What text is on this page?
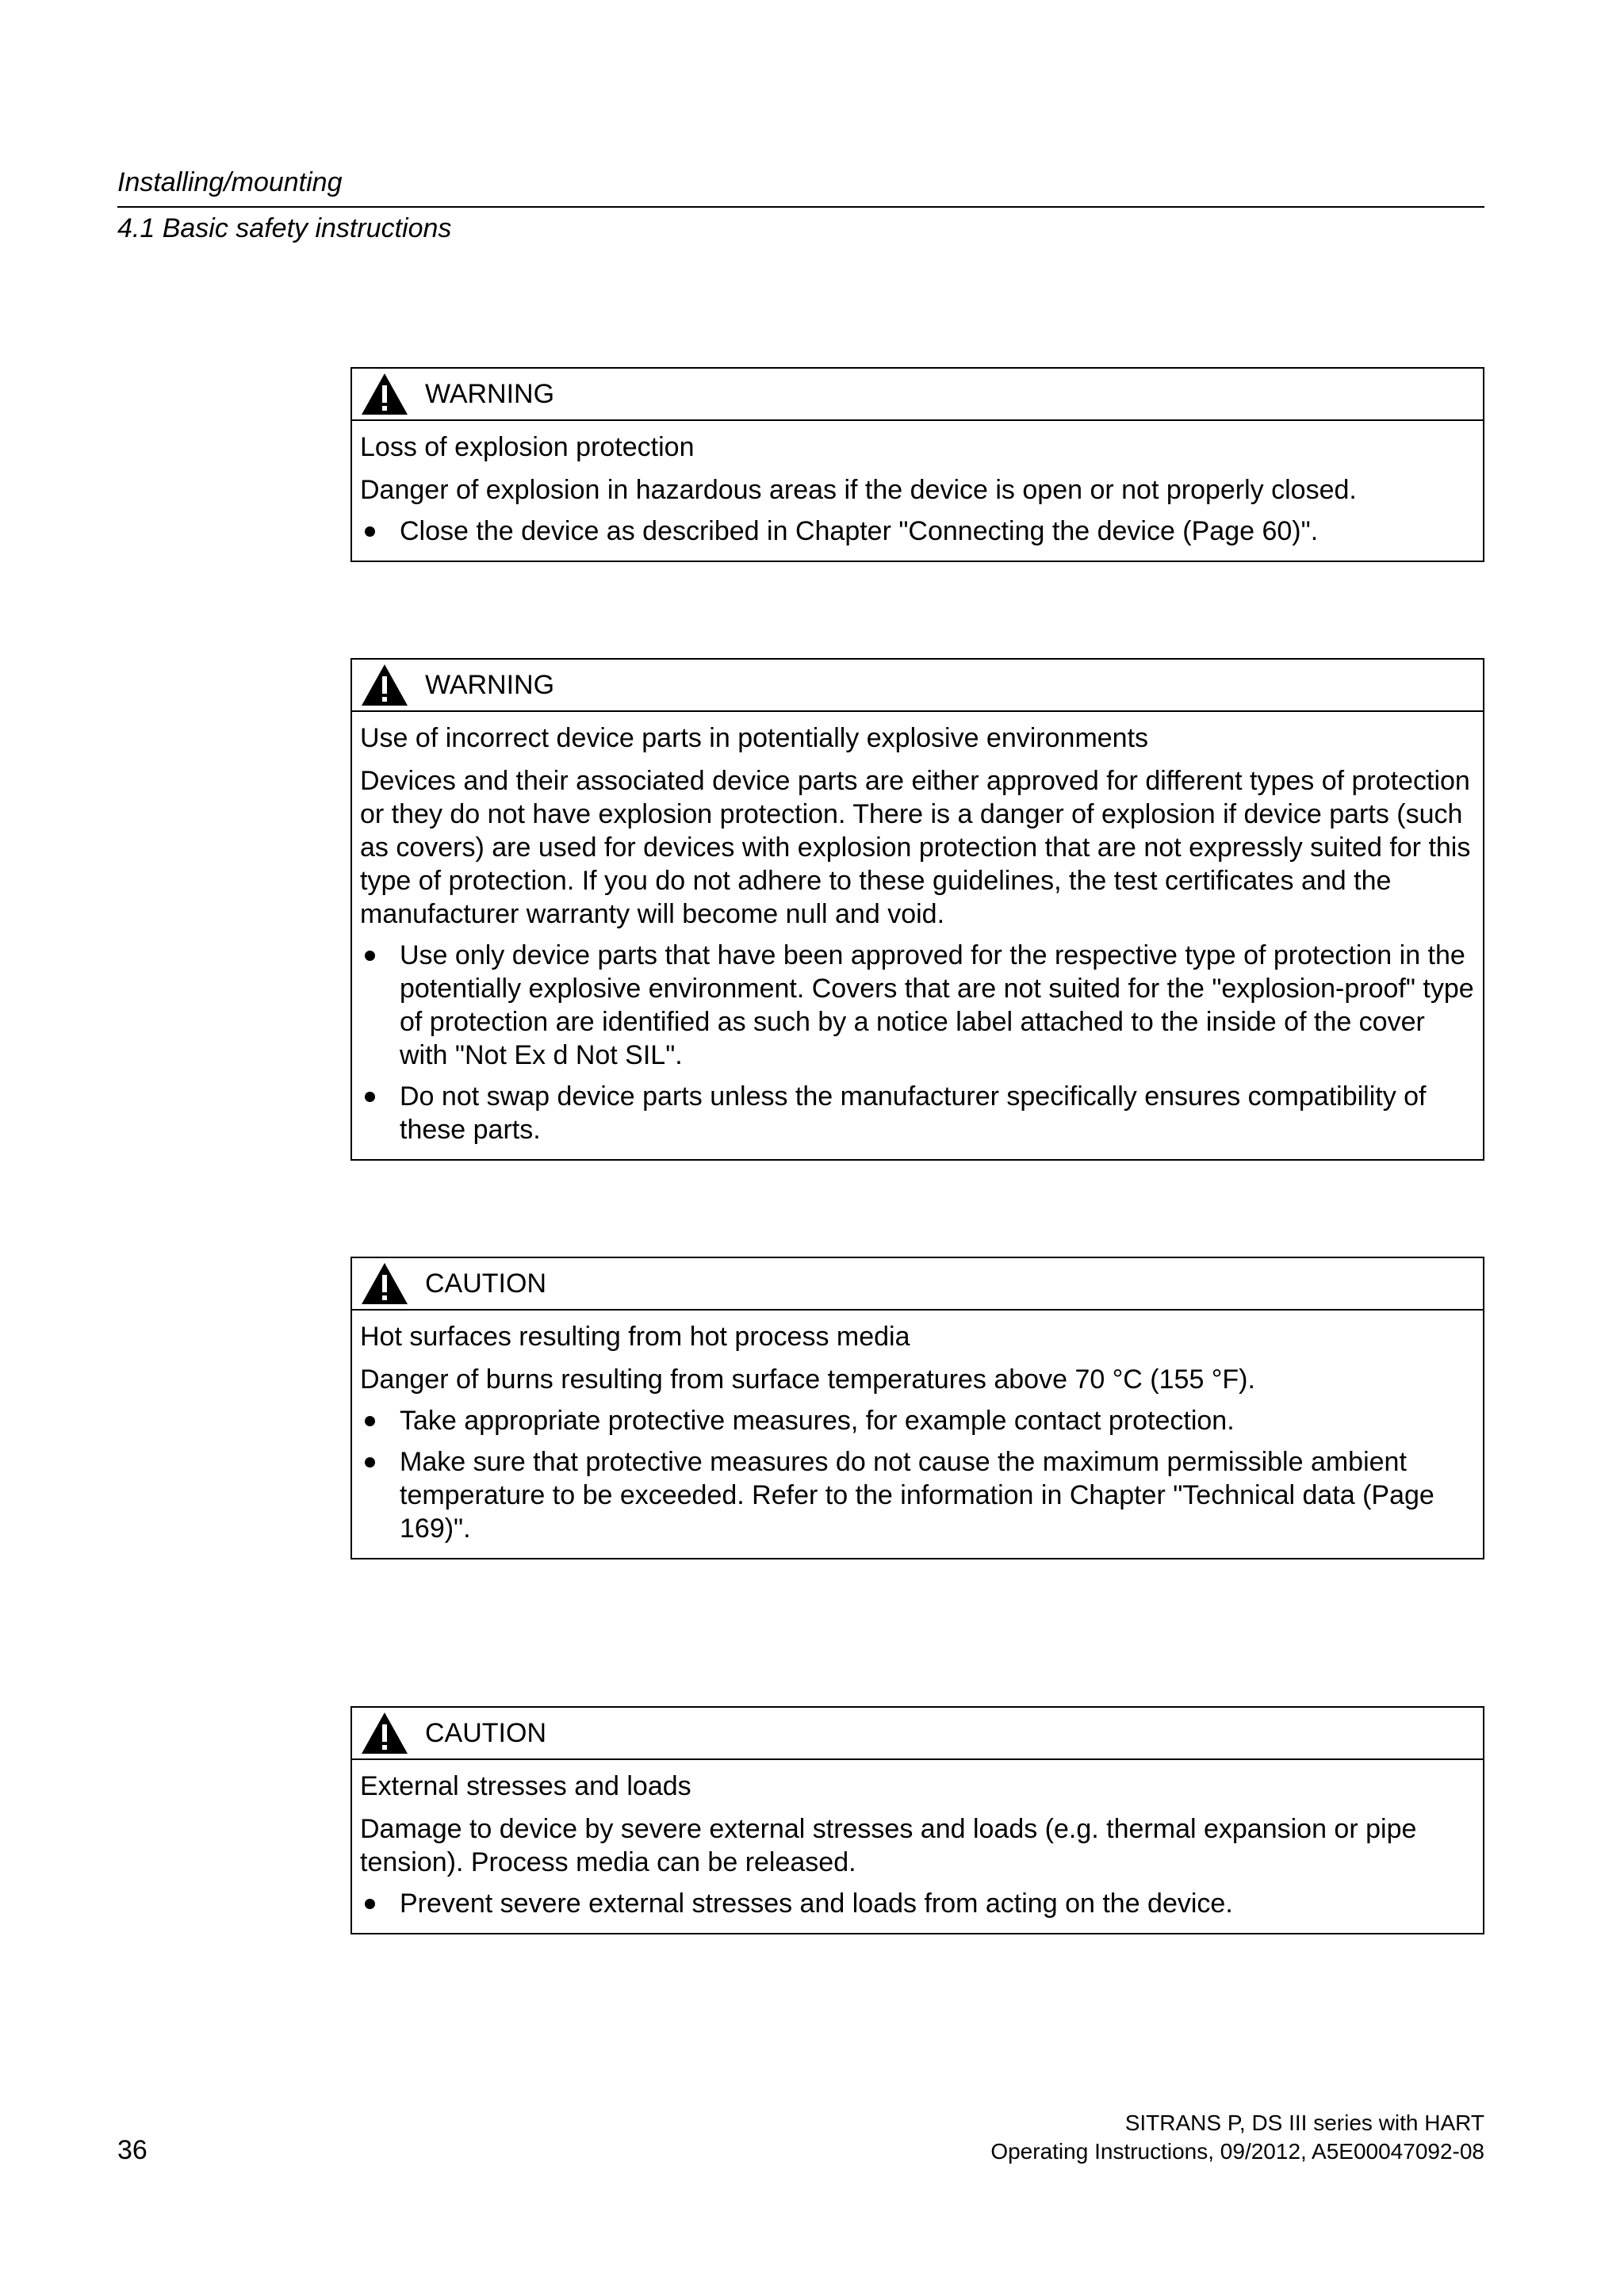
Installing/mounting
4.1 Basic safety instructions
WARNING
Loss of explosion protection
Danger of explosion in hazardous areas if the device is open or not properly closed.
Close the device as described in Chapter "Connecting the device (Page 60)".
WARNING
Use of incorrect device parts in potentially explosive environments
Devices and their associated device parts are either approved for different types of protection or they do not have explosion protection. There is a danger of explosion if device parts (such as covers) are used for devices with explosion protection that are not expressly suited for this type of protection. If you do not adhere to these guidelines, the test certificates and the manufacturer warranty will become null and void.
Use only device parts that have been approved for the respective type of protection in the potentially explosive environment. Covers that are not suited for the "explosion-proof" type of protection are identified as such by a notice label attached to the inside of the cover with "Not Ex d Not SIL".
Do not swap device parts unless the manufacturer specifically ensures compatibility of these parts.
CAUTION
Hot surfaces resulting from hot process media
Danger of burns resulting from surface temperatures above 70 °C (155 °F).
Take appropriate protective measures, for example contact protection.
Make sure that protective measures do not cause the maximum permissible ambient temperature to be exceeded. Refer to the information in Chapter "Technical data (Page 169)".
CAUTION
External stresses and loads
Damage to device by severe external stresses and loads (e.g. thermal expansion or pipe tension). Process media can be released.
Prevent severe external stresses and loads from acting on the device.
36
SITRANS P, DS III series with HART
Operating Instructions, 09/2012, A5E00047092-08
